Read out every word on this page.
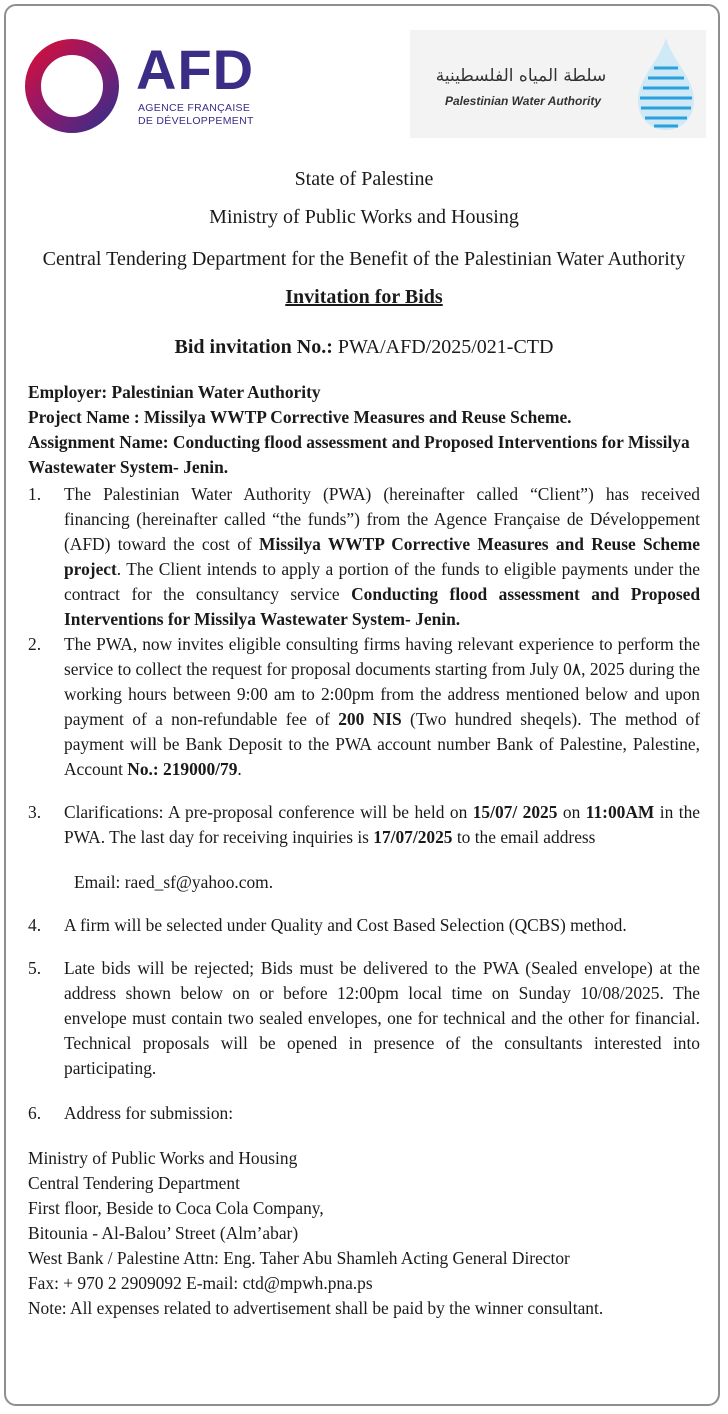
AFD
AGENCE FRANÇAISE
DE DÉVELOPPEMENT
سلطة المياه الفلسطينية
Palestinian Water Authority
State of Palestine
Ministry of Public Works and Housing
Central Tendering Department for the Benefit of the Palestinian Water Authority
Invitation for Bids
Bid invitation No.: PWA/AFD/2025/021-CTD

Employer: Palestinian Water Authority

Project Name : Missilya WWTP Corrective Measures and Reuse Scheme.

Assignment Name: Conducting flood assessment and Proposed Interventions for Missilya Wastewater System- Jenin.

1. The Palestinian Water Authority (PWA) (hereinafter called “Client”) has received financing (hereinafter called “the funds”) from the Agence Française de Développement (AFD) toward the cost of Missilya WWTP Corrective Measures and Reuse Scheme project. The Client intends to apply a portion of the funds to eligible payments under the contract for the consultancy service Conducting flood assessment and Proposed Interventions for Missilya Wastewater System- Jenin.
2. The PWA, now invites eligible consulting firms having relevant experience to perform the service to collect the request for proposal documents starting from July 0٨, 2025 during the working hours between 9:00 am to 2:00pm from the address mentioned below and upon payment of a non-refundable fee of 200 NIS (Two hundred sheqels). The method of payment will be Bank Deposit to the PWA account number Bank of Palestine, Palestine, Account No.: 219000/79.
3. Clarifications: A pre-proposal conference will be held on 15/07/ 2025 on 11:00AM in the PWA. The last day for receiving inquiries is 17/07/2025 to the email address

Email: raed_sf@yahoo.com.

4. A firm will be selected under Quality and Cost Based Selection (QCBS) method.
5. Late bids will be rejected; Bids must be delivered to the PWA (Sealed envelope) at the address shown below on or before 12:00pm local time on Sunday 10/08/2025. The envelope must contain two sealed envelopes, one for technical and the other for financial. Technical proposals will be opened in presence of the consultants interested into participating.
6. Address for submission:

Ministry of Public Works and Housing

Central Tendering Department

First floor, Beside to Coca Cola Company,

Bitounia - Al-Balou’ Street (Alm’abar)

West Bank / Palestine Attn: Eng. Taher Abu Shamleh Acting General Director

Fax: + 970 2 2909092 E-mail: ctd@mpwh.pna.ps

Note: All expenses related to advertisement shall be paid by the winner consultant.
